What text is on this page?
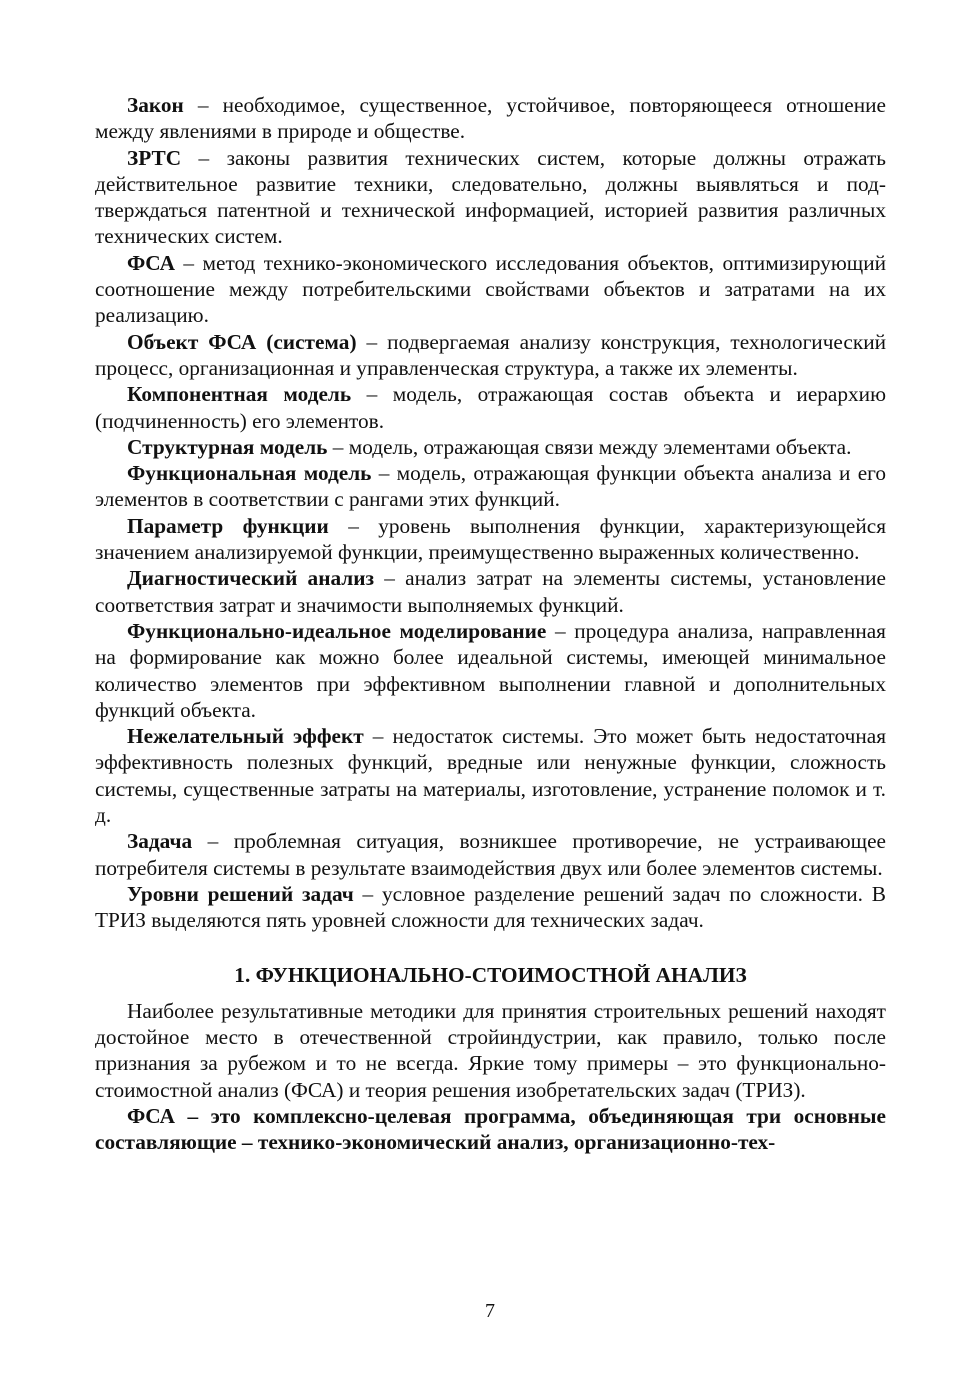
Закон – необходимое, существенное, устойчивое, повторяющееся отношение между явлениями в природе и обществе.

ЗРТС – законы развития технических систем, которые должны отражать действительное развитие техники, следовательно, должны выявляться и подтверждаться патентной и технической информацией, историей развития различных технических систем.

ФСА – метод технико-экономического исследования объектов, оптимизирующий соотношение между потребительскими свойствами объектов и затратами на их реализацию.

Объект ФСА (система) – подвергаемая анализу конструкция, технологический процесс, организационная и управленческая структура, а также их элементы.

Компонентная модель – модель, отражающая состав объекта и иерархию (подчиненность) его элементов.

Структурная модель – модель, отражающая связи между элементами объекта.

Функциональная модель – модель, отражающая функции объекта анализа и его элементов в соответствии с рангами этих функций.

Параметр функции – уровень выполнения функции, характеризующейся значением анализируемой функции, преимущественно выраженных количественно.

Диагностический анализ – анализ затрат на элементы системы, установление соответствия затрат и значимости выполняемых функций.

Функционально-идеальное моделирование – процедура анализа, направленная на формирование как можно более идеальной системы, имеющей минимальное количество элементов при эффективном выполнении главной и дополнительных функций объекта.

Нежелательный эффект – недостаток системы. Это может быть недостаточная эффективность полезных функций, вредные или ненужные функции, сложность системы, существенные затраты на материалы, изготовление, устранение поломок и т. д.

Задача – проблемная ситуация, возникшее противоречие, не устраивающее потребителя системы в результате взаимодействия двух или более элементов системы.

Уровни решений задач – условное разделение решений задач по сложности. В ТРИЗ выделяются пять уровней сложности для технических задач.

1. ФУНКЦИОНАЛЬНО-СТОИМОСТНОЙ АНАЛИЗ

Наиболее результативные методики для принятия строительных решений находят достойное место в отечественной стройиндустрии, как правило, только после признания за рубежом и то не всегда. Яркие тому примеры – это функционально-стоимостной анализ (ФСА) и теория решения изобретательских задач (ТРИЗ).

ФСА – это комплексно-целевая программа, объединяющая три основные составляющие – технико-экономический анализ, организационно-тех-

7
